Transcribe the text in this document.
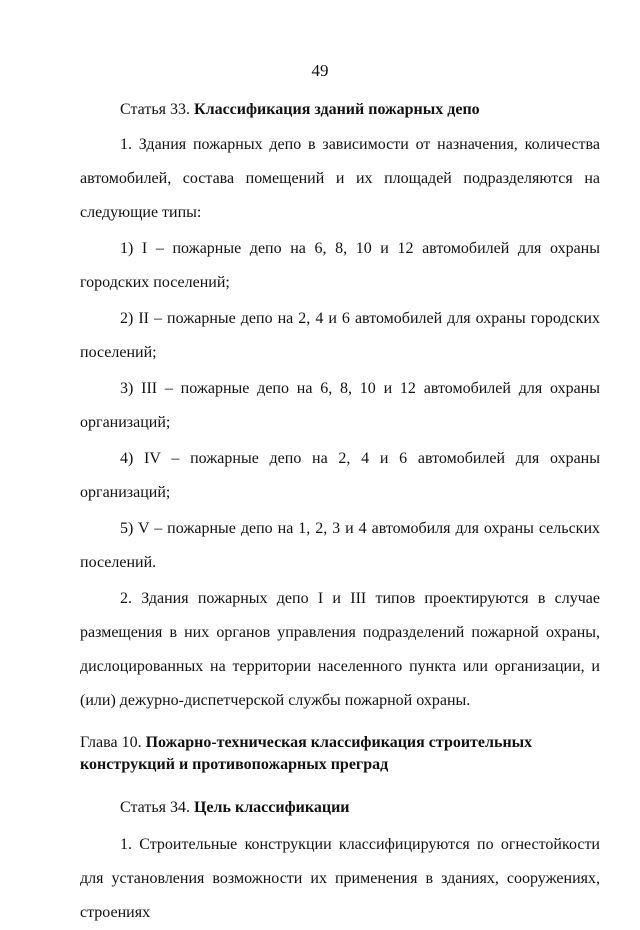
49

Статья 33. Классификация зданий пожарных депо

1. Здания пожарных депо в зависимости от назначения, количества автомобилей, состава помещений и их площадей подразделяются на следующие типы:

1) I – пожарные депо на 6, 8, 10 и 12 автомобилей для охраны городских поселений;

2) II – пожарные депо на 2, 4 и 6 автомобилей для охраны городских поселений;

3) III – пожарные депо на 6, 8, 10 и 12 автомобилей для охраны организаций;

4) IV – пожарные депо на 2, 4 и 6 автомобилей для охраны организаций;

5) V – пожарные депо на 1, 2, 3 и 4 автомобиля для охраны сельских поселений.

2. Здания пожарных депо I и III типов проектируются в случае размещения в них органов управления подразделений пожарной охраны, дислоцированных на территории населенного пункта или организации, и (или) дежурно-диспетчерской службы пожарной охраны.

Глава 10. Пожарно-техническая классификация строительных
конструкций и противопожарных преград

Статья 34. Цель классификации

1. Строительные конструкции классифицируются по огнестойкости для установления возможности их применения в зданиях, сооружениях, строениях
